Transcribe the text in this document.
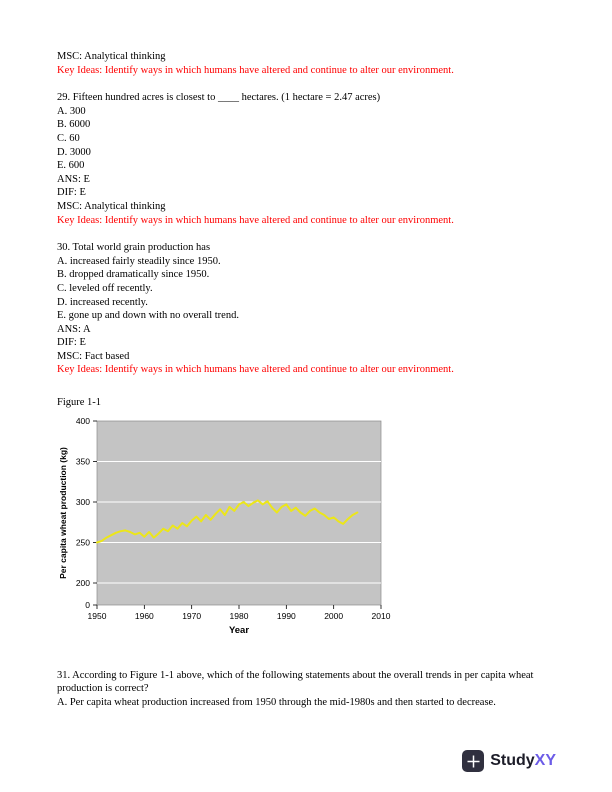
MSC: Analytical thinking
Key Ideas: Identify ways in which humans have altered and continue to alter our environment.
29. Fifteen hundred acres is closest to ____ hectares. (1 hectare = 2.47 acres)
A. 300
B. 6000
C. 60
D. 3000
E. 600
ANS: E
DIF: E
MSC: Analytical thinking
Key Ideas: Identify ways in which humans have altered and continue to alter our environment.
30. Total world grain production has
A. increased fairly steadily since 1950.
B. dropped dramatically since 1950.
C. leveled off recently.
D. increased recently.
E. gone up and down with no overall trend.
ANS: A
DIF: E
MSC: Fact based
Key Ideas: Identify ways in which humans have altered and continue to alter our environment.
Figure 1-1
0
200
250
300
350
400
1950	1960	1970	1980	1990	2000	2010
Year
Per capita wheat production (kg)
31. According to Figure 1-1 above, which of the following statements about the overall trends in per capita wheat production is correct?
A. Per capita wheat production increased from 1950 through the mid-1980s and then started to decrease.
StudyXY
